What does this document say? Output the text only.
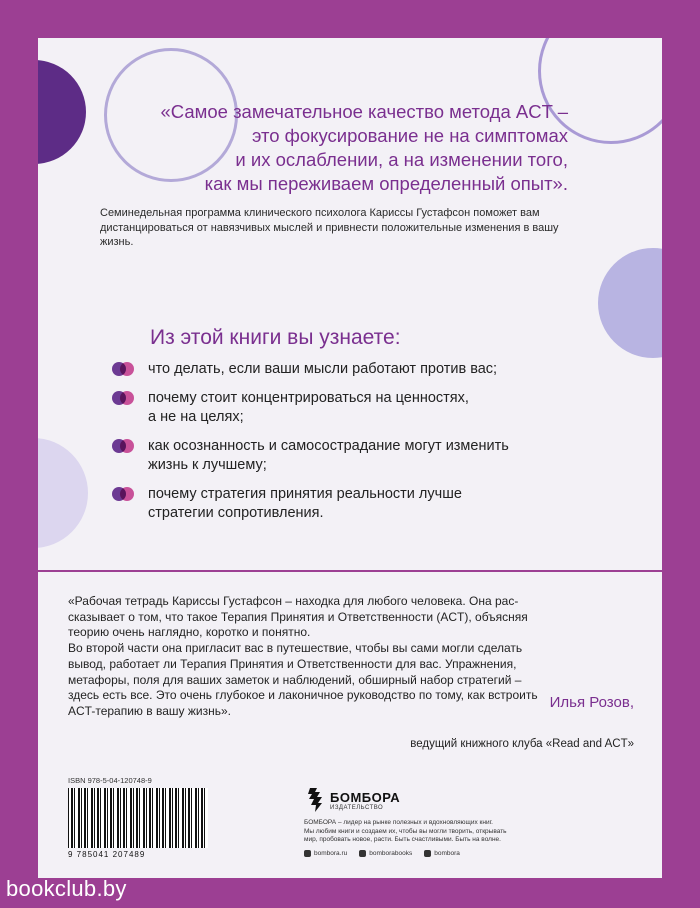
«Самое замечательное качество метода ACT –
это фокусирование не на симптомах
и их ослаблении, а на изменении того,
как мы переживаем определенный опыт».
Семинедельная программа клинического психолога Кариссы Густафсон поможет вам дистанцироваться от навязчивых мыслей и привнести положительные изменения в вашу жизнь.
Из этой книги вы узнаете:
что делать, если ваши мысли работают против вас;
почему стоит концентрироваться на ценностях,
а не на целях;
как осознанность и самосострадание могут изменить
жизнь к лучшему;
почему стратегия принятия реальности лучше
стратегии сопротивления.
«Рабочая тетрадь Кариссы Густафсон – находка для любого человека. Она рас-
сказывает о том, что такое Терапия Принятия и Ответственности (ACT), объясняя
теорию очень наглядно, коротко и понятно.
Во второй части она пригласит вас в путешествие, чтобы вы сами могли сделать
вывод, работает ли Терапия Принятия и Ответственности для вас. Упражнения,
метафоры, поля для ваших заметок и наблюдений, обширный набор стратегий –
здесь есть все. Это очень глубокое и лаконичное руководство по тому, как встроить
ACT-терапию в вашу жизнь».	Илья Розов,
ведущий книжного клуба «Read and ACT»
ISBN 978-5-04-120748-9
9 785041 207489
БОМБОРА
ИЗДАТЕЛЬСТВО
БОМБОРА – лидер на рынке полезных и вдохновляющих книг.
Мы любим книги и создаем их, чтобы вы могли творить, открывать
мир, пробовать новое, расти. Быть счастливыми. Быть на волне.
bombora.ru	bomborabooks	bombora
bookclub.by
